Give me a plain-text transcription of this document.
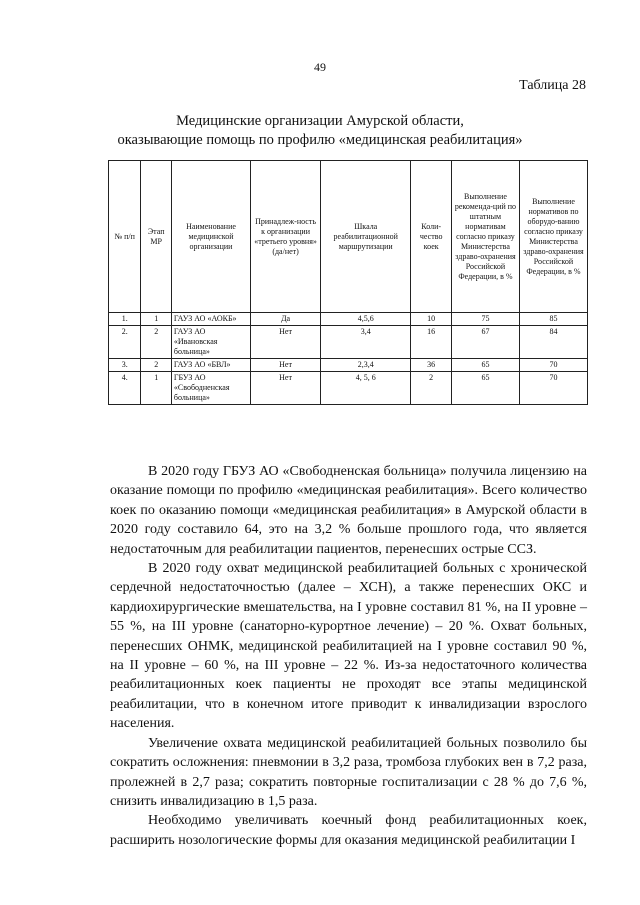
49
Таблица 28
Медицинские организации Амурской области,
оказывающие помощь по профилю «медицинская реабилитация»
№ п/п	Этап МР	Наименование медицинской организации	Принадлеж-ность к организации «третьего уровня» (да/нет)	Шкала реабилитационной маршрутизации	Коли-чество коек	Выполнение рекоменда-ций по штатным нормативам согласно приказу Министерства здраво-охранения Российской Федерации, в %	Выполнение нормативов по оборудо-ванию согласно приказу Министерства здраво-охранения Российской Федерации, в %
1.	1	ГАУЗ АО «АОКБ»	Да	4,5,6	10	75	85
2.	2	ГАУЗ АО «Ивановская больница»	Нет	3,4	16	67	84
3.	2	ГАУЗ АО «БВЛ»	Нет	2,3,4	36	65	70
4.	1	ГБУЗ АО «Свободненская больница»	Нет	4, 5, 6	2	65	70

В 2020 году ГБУЗ АО «Свободненская больница» получила лицензию на оказание помощи по профилю «медицинская реабилитация». Всего количество коек по оказанию помощи «медицинская реабилитация» в Амурской области в 2020 году составило 64, это на 3,2 % больше прошлого года, что является недостаточным для реабилитации пациентов, перенесших острые ССЗ.

В 2020 году охват медицинской реабилитацией больных с хронической сердечной недостаточностью (далее – ХСН), а также перенесших ОКС и кардиохирургические вмешательства, на I уровне составил 81 %, на II уровне – 55 %, на III уровне (санаторно-курортное лечение) – 20 %. Охват больных, перенесших ОНМК, медицинской реабилитацией на I уровне составил 90 %, на II уровне – 60 %, на III уровне – 22 %. Из-за недостаточного количества реабилитационных коек пациенты не проходят все этапы медицинской реабилитации, что в конечном итоге приводит к инвалидизации взрослого населения.

Увеличение охвата медицинской реабилитацией больных позволило бы сократить осложнения: пневмонии в 3,2 раза, тромбоза глубоких вен в 7,2 раза, пролежней в 2,7 раза; сократить повторные госпитализации с 28 % до 7,6 %, снизить инвалидизацию в 1,5 раза.

Необходимо увеличивать коечный фонд реабилитационных коек, расширить нозологические формы для оказания медицинской реабилитации I
